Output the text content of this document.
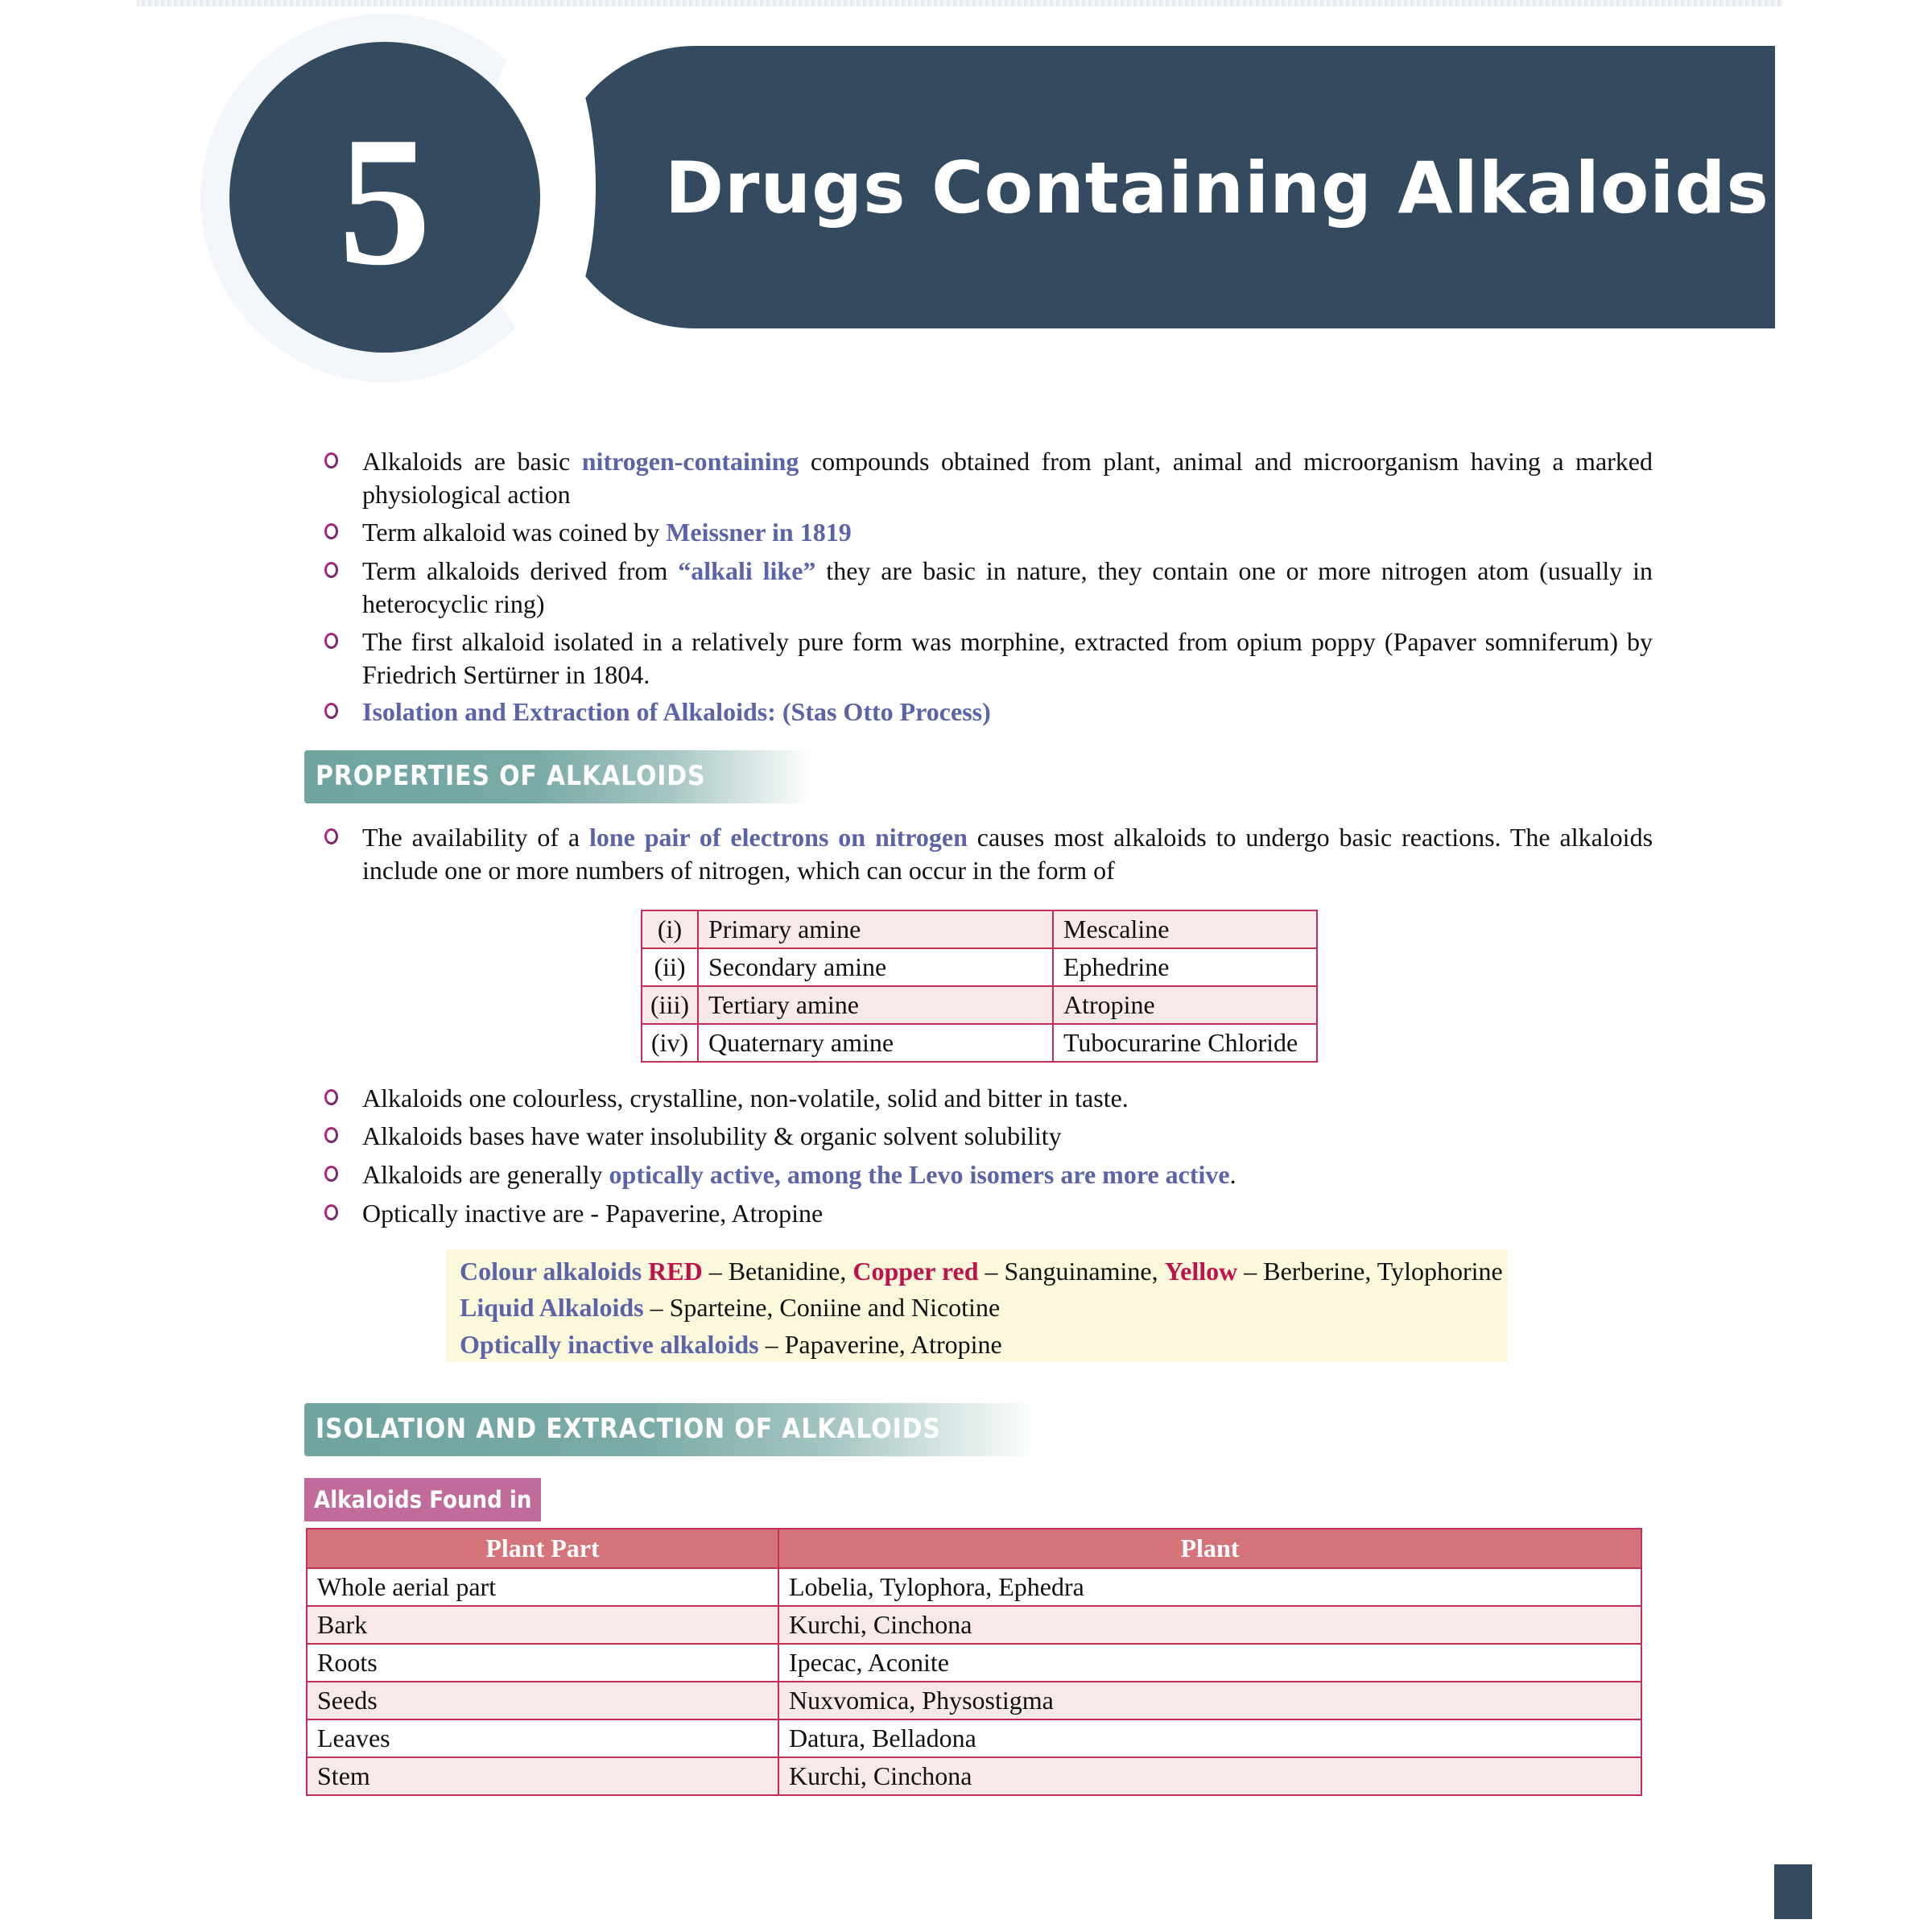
5	Drugs Containing Alkaloids
Alkaloids are basic nitrogen-containing compounds obtained from plant, animal and microorganism having a marked physiological action
Term alkaloid was coined by Meissner in 1819
Term alkaloids derived from “alkali like” they are basic in nature, they contain one or more nitrogen atom (usually in heterocyclic ring)
The first alkaloid isolated in a relatively pure form was morphine, extracted from opium poppy (Papaver somniferum) by Friedrich Sertürner in 1804.
Isolation and Extraction of Alkaloids: (Stas Otto Process)
PROPERTIES OF ALKALOIDS
The availability of a lone pair of electrons on nitrogen causes most alkaloids to undergo basic reactions. The alkaloids include one or more numbers of nitrogen, which can occur in the form of
(i)	Primary amine	Mescaline
(ii)	Secondary amine	Ephedrine
(iii)	Tertiary amine	Atropine
(iv)	Quaternary amine	Tubocurarine Chloride
Alkaloids one colourless, crystalline, non-volatile, solid and bitter in taste.
Alkaloids bases have water insolubility & organic solvent solubility
Alkaloids are generally optically active, among the Levo isomers are more active.
Optically inactive are - Papaverine, Atropine
Colour alkaloids RED – Betanidine, Copper red – Sanguinamine, Yellow – Berberine, Tylophorine
Liquid Alkaloids – Sparteine, Coniine and Nicotine
Optically inactive alkaloids – Papaverine, Atropine
ISOLATION AND EXTRACTION OF ALKALOIDS
Alkaloids Found in
Plant Part	Plant
Whole aerial part	Lobelia, Tylophora, Ephedra
Bark	Kurchi, Cinchona
Roots	Ipecac, Aconite
Seeds	Nuxvomica, Physostigma
Leaves	Datura, Belladona
Stem	Kurchi, Cinchona
